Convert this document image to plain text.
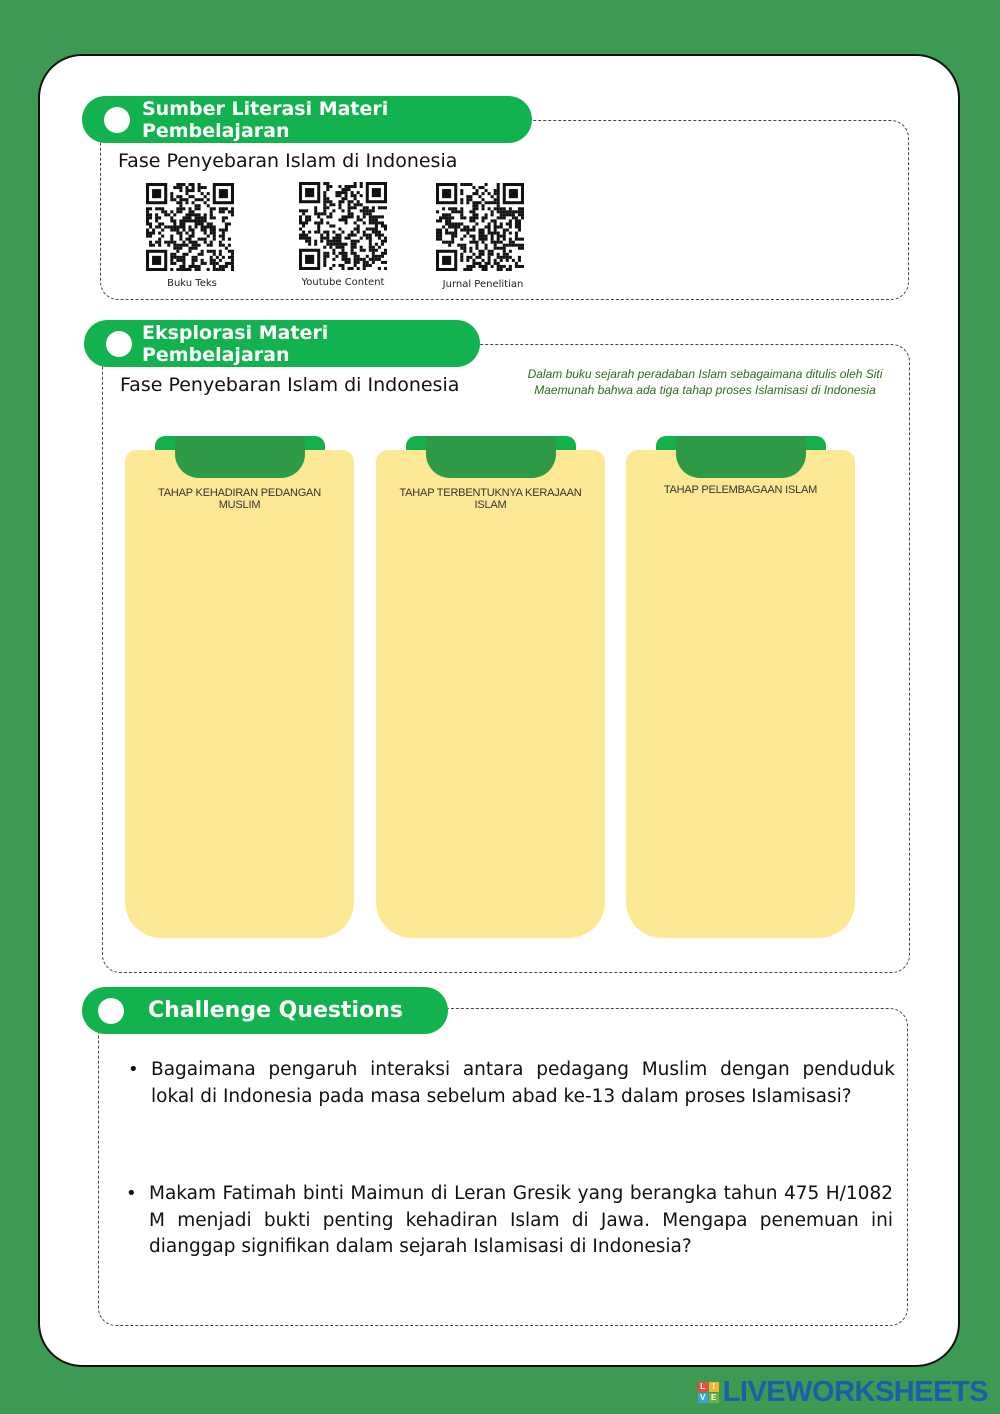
Sumber Literasi Materi Pembelajaran
Fase Penyebaran Islam di Indonesia
Buku Teks	Youtube Content	Jurnal Penelitian
Eksplorasi Materi Pembelajaran
Fase Penyebaran Islam di Indonesia	Dalam buku sejarah peradaban Islam sebagaimana ditulis oleh Siti Maemunah bahwa ada tiga tahap proses Islamisasi di Indonesia
TAHAP KEHADIRAN PEDANGAN MUSLIM
TAHAP TERBENTUKNYA KERAJAAN ISLAM
TAHAP PELEMBAGAAN ISLAM
Challenge Questions
• Bagaimana pengaruh interaksi antara pedagang Muslim dengan penduduk lokal di Indonesia pada masa sebelum abad ke-13 dalam proses Islamisasi?
• Makam Fatimah binti Maimun di Leran Gresik yang berangka tahun 475 H/1082 M menjadi bukti penting kehadiran Islam di Jawa. Mengapa penemuan ini dianggap signifikan dalam sejarah Islamisasi di Indonesia?
L I
V E LIVEWORKSHEETS
